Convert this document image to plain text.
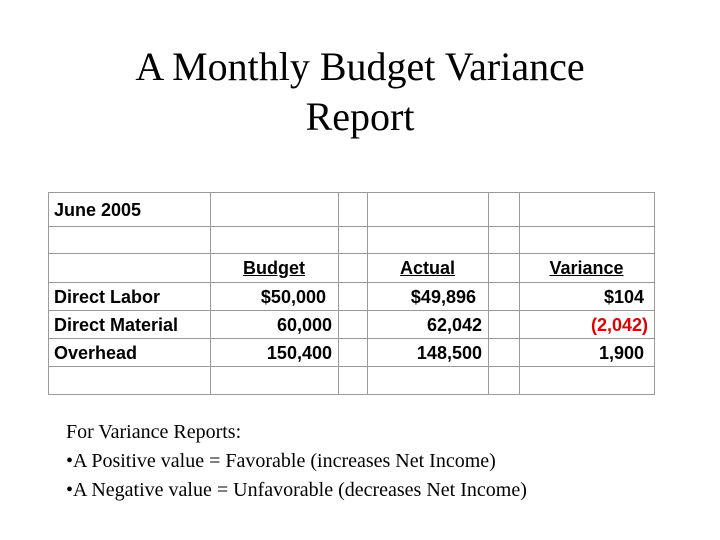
A Monthly Budget Variance
Report
June 2005					

	Budget		Actual		Variance
Direct Labor	$50,000		$49,896		$104
Direct Material	60,000		62,042		(2,042)
Overhead	150,400		148,500		1,900

For Variance Reports:
•A Positive value = Favorable (increases Net Income)
•A Negative value = Unfavorable (decreases Net Income)
